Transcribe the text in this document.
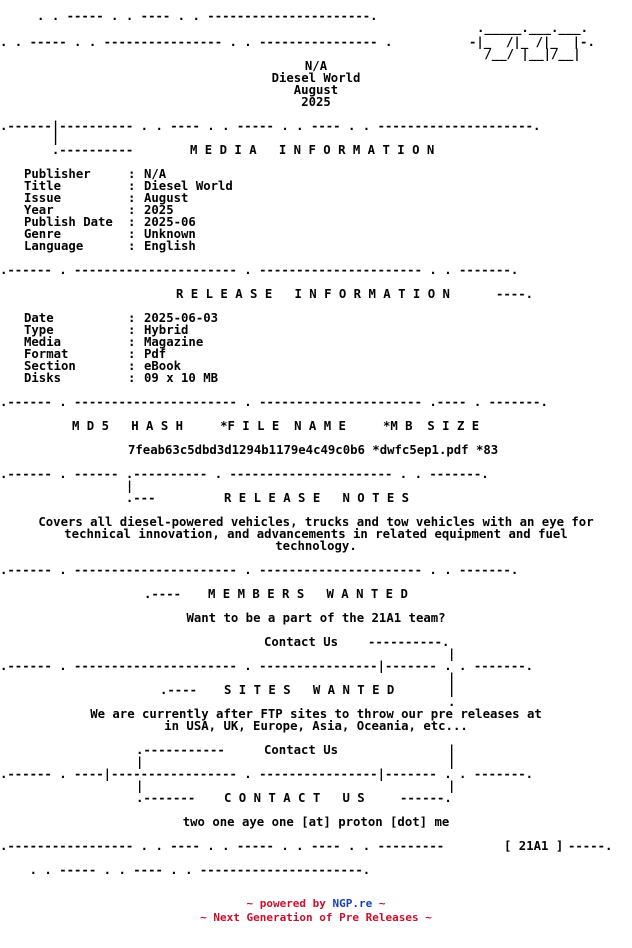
. . ----- . . ---- . . ----------------------.
. . ----- . . ---------------- . . ---------------- .
._____.___.___.
-|_  /|_ /|_  |-.
/__/ |__|/__|
N/A
Diesel World
August
2025
.------|---------- . . ---- . . ----- . . ---- . . ---------------------.
|
.----------	M E D I A   I N F O R M A T I O N
Publisher	: N/A
Title	: Diesel World
Issue	: August
Year	: 2025
Publish Date	: 2025-06
Genre	: Unknown
Language	: English
.------ . ---------------------- . ---------------------- . . -------.
R E L E A S E   I N F O R M A T I O N	----.
Date	: 2025-06-03
Type	: Hybrid
Media	: Magazine
Format	: Pdf
Section	: eBook
Disks	: 09 x 10 MB
.------ . ---------------------- . ---------------------- .---- . -------.
M D 5   H A S H     *F I L E  N A M E     *M B  S I Z E
7feab63c5dbd3d1294b1179e4c49c0b6 *dwfc5ep1.pdf *83
.------ . ------ .---------- . ---------------------- . . -------.
|
.---	R E L E A S E   N O T E S
Covers all diesel-powered vehicles, trucks and tow vehicles with an eye for
technical innovation, and advancements in related equipment and fuel
technology.
.------ . ---------------------- . ---------------------- . . -------.
.----	M E M B E R S   W A N T E D
Want to be a part of the 21A1 team?
Contact Us	----------.
|
.------ . ---------------------- . ----------------|------- . . -------.
|
.----	S I T E S   W A N T E D	|
.
We are currently after FTP sites to throw our pre releases at
in USA, UK, Europe, Asia, Oceania, etc...
.-----------	Contact Us	|
|	|
.------ . ----|----------------- . ----------------|------- . . -------.
|	|
.-------	C O N T A C T   U S	------.
two one aye one [at] proton [dot] me
.----------------- . . ---- . . ----- . . ---- . . ---------	[ 21A1 ] -----.
. . ----- . . ---- . . ----------------------.
~ powered by NGP.re ~
~ Next Generation of Pre Releases ~
